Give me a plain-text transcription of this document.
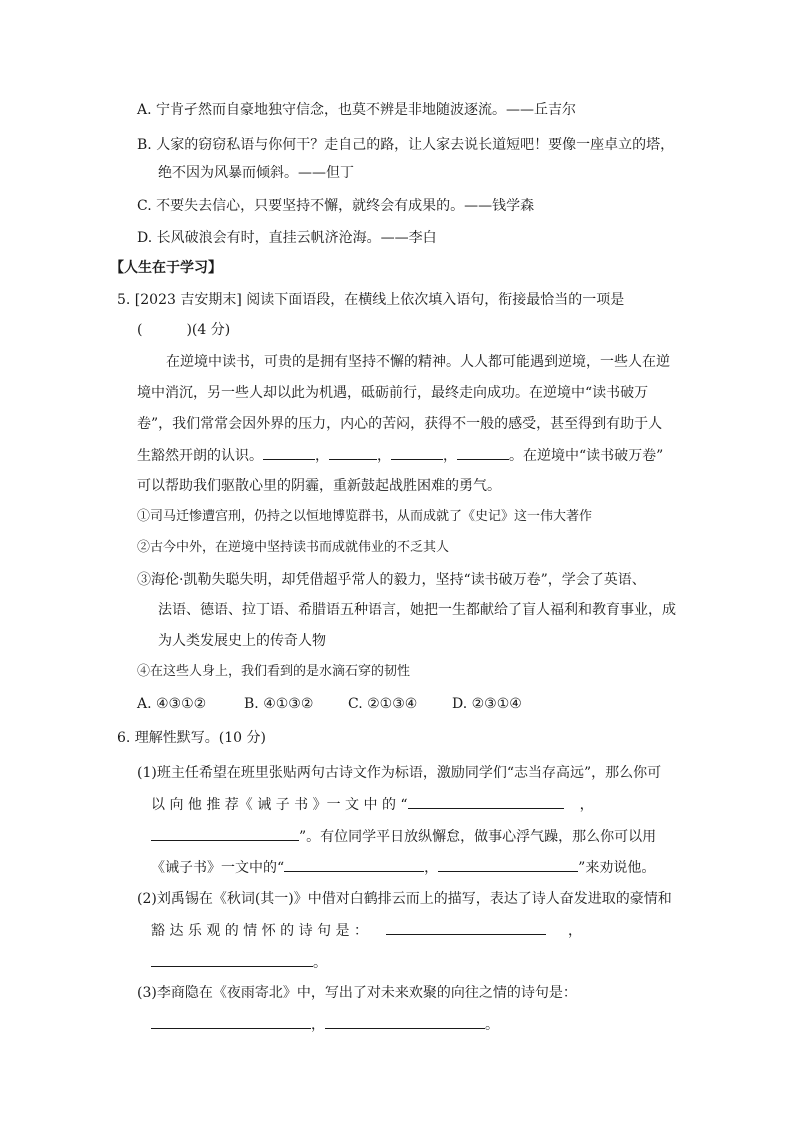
A. 宁肯孑然而自豪地独守信念，也莫不辨是非地随波逐流。——丘吉尔
B. 人家的窃窃私语与你何干？走自己的路，让人家去说长道短吧！要像一座卓立的塔，
绝不因为风暴而倾斜。——但丁
C. 不要失去信心，只要坚持不懈，就终会有成果的。——钱学森
D. 长风破浪会有时，直挂云帆济沧海。——李白
【人生在于学习】
5. [2023 吉安期末] 阅读下面语段，在横线上依次填入语句，衔接最恰当的一项是
(	)(4 分)
在逆境中读书，可贵的是拥有坚持不懈的精神。人人都可能遇到逆境，一些人在逆
境中消沉，另一些人却以此为机遇，砥砺前行，最终走向成功。在逆境中“读书破万
卷”，我们常常会因外界的压力，内心的苦闷，获得不一般的感受，甚至得到有助于人
生豁然开朗的认识。	，	，	，	。在逆境中“读书破万卷”
可以帮助我们驱散心里的阴霾，重新鼓起战胜困难的勇气。
①司马迁惨遭宫刑，仍持之以恒地博览群书，从而成就了《史记》这一伟大著作
②古今中外，在逆境中坚持读书而成就伟业的不乏其人
③海伦·凯勒失聪失明，却凭借超乎常人的毅力，坚持“读书破万卷”，学会了英语、
法语、德语、拉丁语、希腊语五种语言，她把一生都献给了盲人福利和教育事业，成
为人类发展史上的传奇人物
④在这些人身上，我们看到的是水滴石穿的韧性
A. ④③①②	B. ④①③② C. ②①③④ D. ②③①④
6. 理解性默写。(10 分)
(1)班主任希望在班里张贴两句古诗文作为标语，激励同学们“志当存高远”，那么你可
以 向 他 推 荐《 诫 子 书 》一 文 中 的 “	，
”。有位同学平日放纵懈怠，做事心浮气躁，那么你可以用
《诫子书》一文中的“	，	”来劝说他。
(2)刘禹锡在《秋词(其一)》中借对白鹤排云而上的描写，表达了诗人奋发进取的豪情和
豁 达 乐 观 的 情 怀 的 诗 句 是 ：	，
。
(3)李商隐在《夜雨寄北》中，写出了对未来欢聚的向往之情的诗句是：
，	。
